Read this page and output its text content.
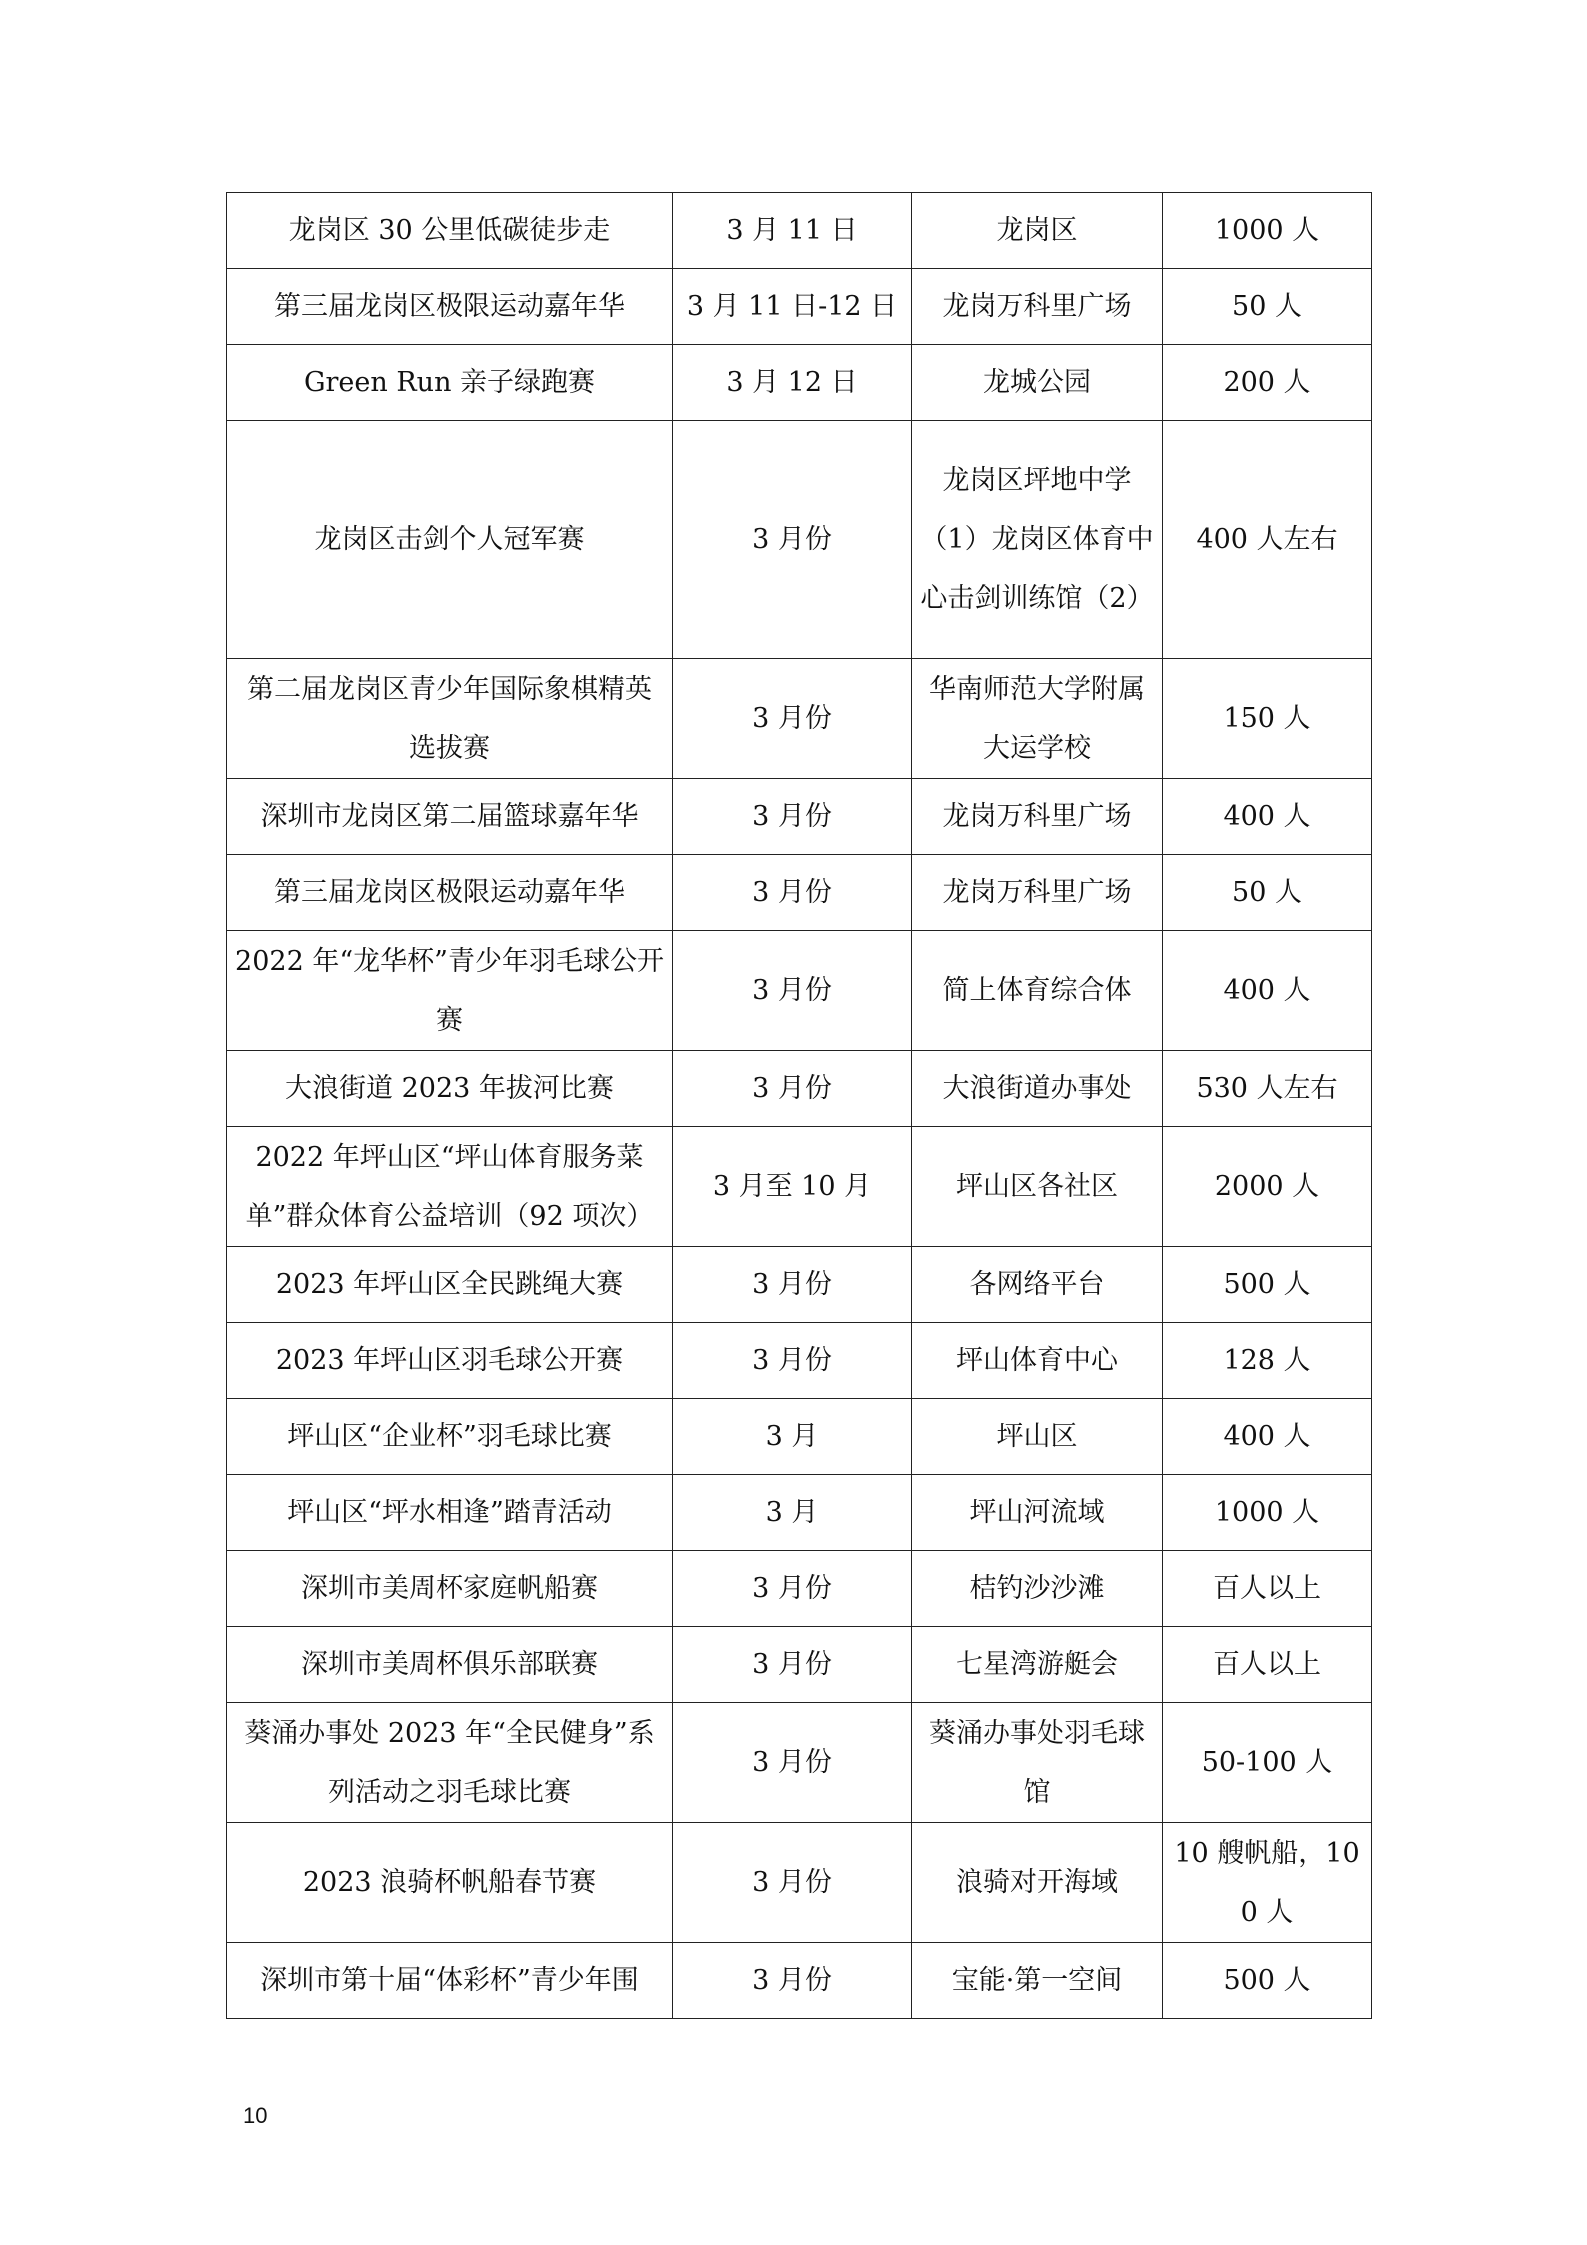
龙岗区 30 公里低碳徒步走	3 月 11 日	龙岗区	1000 人
第三届龙岗区极限运动嘉年华	3 月 11 日-12 日	龙岗万科里广场	50 人
Green Run 亲子绿跑赛	3 月 12 日	龙城公园	200 人
龙岗区击剑个人冠军赛	3 月份	龙岗区坪地中学（1）龙岗区体育中心击剑训练馆（2）	400 人左右
第二届龙岗区青少年国际象棋精英选拔赛	3 月份	华南师范大学附属大运学校	150 人
深圳市龙岗区第二届篮球嘉年华	3 月份	龙岗万科里广场	400 人
第三届龙岗区极限运动嘉年华	3 月份	龙岗万科里广场	50 人
2022 年“龙华杯”青少年羽毛球公开赛	3 月份	简上体育综合体	400 人
大浪街道 2023 年拔河比赛	3 月份	大浪街道办事处	530 人左右
2022 年坪山区“坪山体育服务菜单”群众体育公益培训（92 项次）	3 月至 10 月	坪山区各社区	2000 人
2023 年坪山区全民跳绳大赛	3 月份	各网络平台	500 人
2023 年坪山区羽毛球公开赛	3 月份	坪山体育中心	128 人
坪山区“企业杯”羽毛球比赛	3 月	坪山区	400 人
坪山区“坪水相逢”踏青活动	3 月	坪山河流域	1000 人
深圳市美周杯家庭帆船赛	3 月份	桔钓沙沙滩	百人以上
深圳市美周杯俱乐部联赛	3 月份	七星湾游艇会	百人以上
葵涌办事处 2023 年“全民健身”系列活动之羽毛球比赛	3 月份	葵涌办事处羽毛球馆	50-100 人
2023 浪骑杯帆船春节赛	3 月份	浪骑对开海域	10 艘帆船，100 人
深圳市第十届“体彩杯”青少年围	3 月份	宝能·第一空间	500 人
10
